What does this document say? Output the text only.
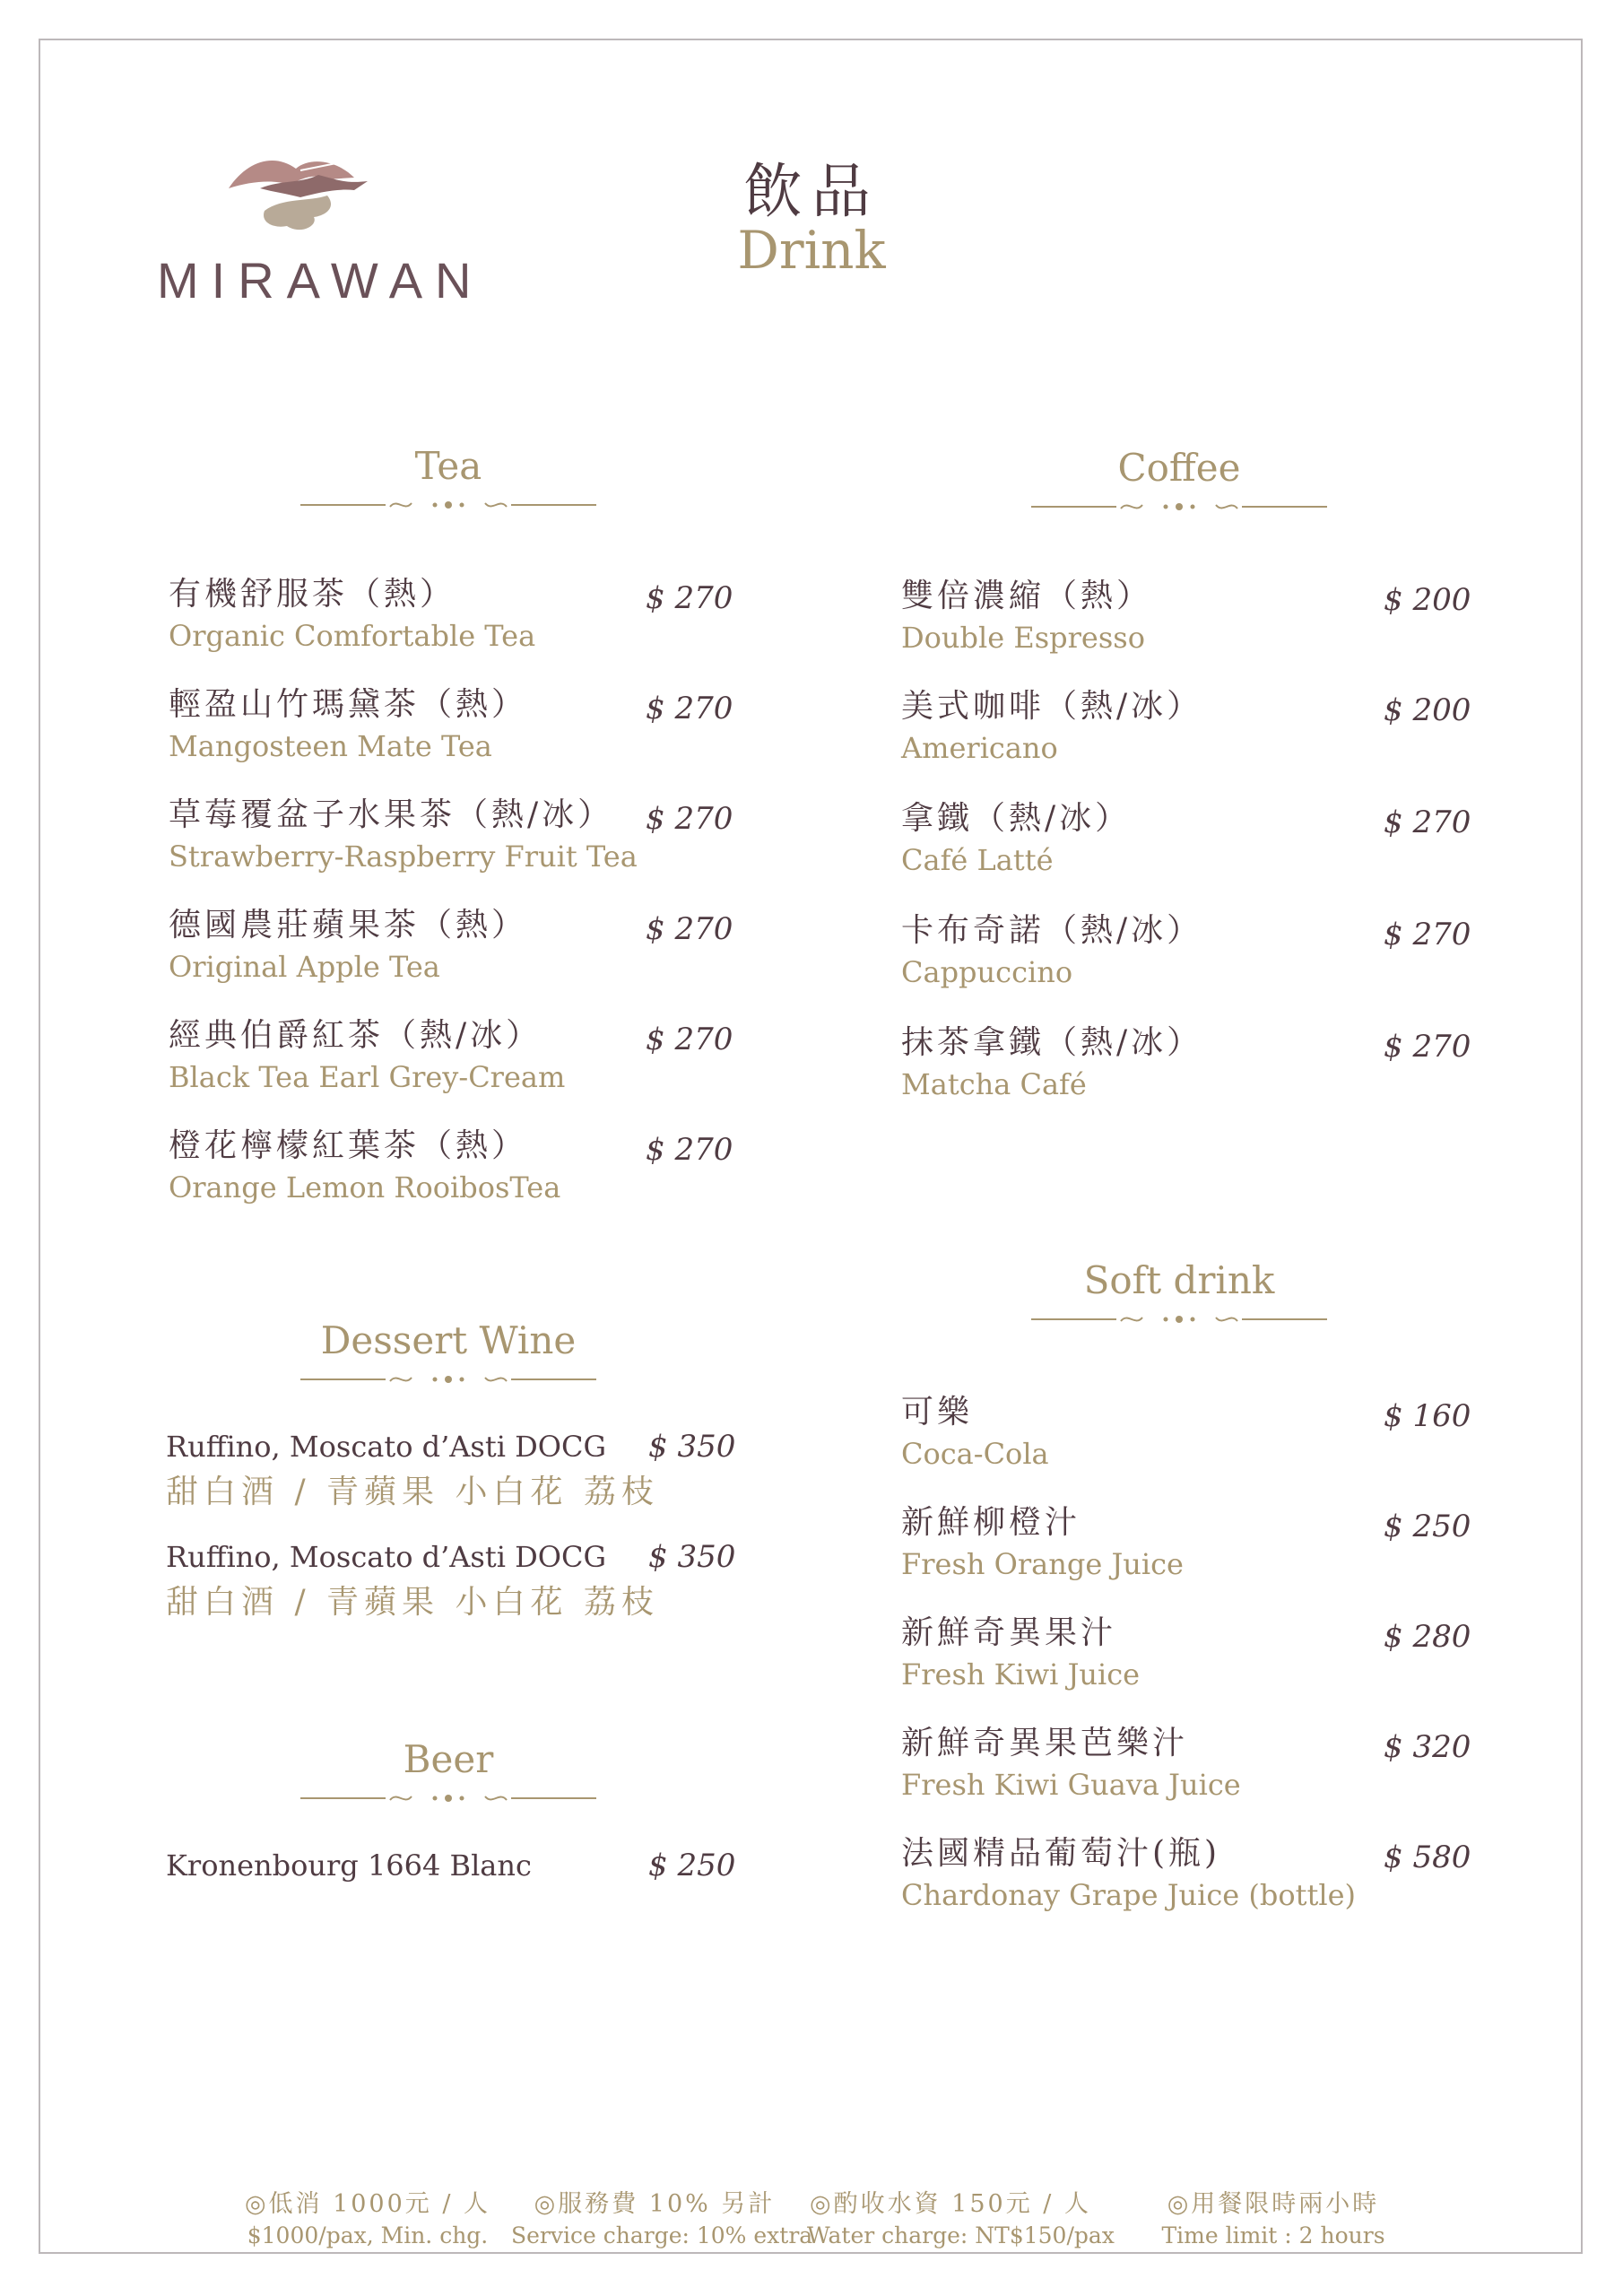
MIRAWAN
飲品
Drink
Tea
有機舒服茶（熱）
Organic Comfortable Tea
$ 270
輕盈山竹瑪黛茶（熱）
Mangosteen Mate Tea
$ 270
草莓覆盆子水果茶（熱/冰）
Strawberry-Raspberry Fruit Tea
$ 270
德國農莊蘋果茶（熱）
Original Apple Tea
$ 270
經典伯爵紅茶（熱/冰）
Black Tea Earl Grey-Cream
$ 270
橙花檸檬紅葉茶（熱）
Orange Lemon RooibosTea
$ 270
Coffee
雙倍濃縮（熱）
Double Espresso
$ 200
美式咖啡（熱/冰）
Americano
$ 200
拿鐵（熱/冰）
Café Latté
$ 270
卡布奇諾（熱/冰）
Cappuccino
$ 270
抹茶拿鐵（熱/冰）
Matcha Café
$ 270
Dessert Wine
Ruffino, Moscato d’Asti DOCG
甜白酒 / 青蘋果 小白花 荔枝
$ 350
Ruffino, Moscato d’Asti DOCG
甜白酒 / 青蘋果 小白花 荔枝
$ 350
Beer
Kronenbourg 1664 Blanc	$ 250
Soft drink
可樂
Coca-Cola
$ 160
新鮮柳橙汁
Fresh Orange Juice
$ 250
新鮮奇異果汁
Fresh Kiwi Juice
$ 280
新鮮奇異果芭樂汁
Fresh Kiwi Guava Juice
$ 320
法國精品葡萄汁(瓶)
Chardonay Grape Juice (bottle)
$ 580
◎低消 1000元 / 人
$1000/pax, Min. chg.
◎服務費 10% 另計
Service charge: 10% extra
◎酌收水資 150元 / 人
Water charge: NT$150/pax
◎用餐限時兩小時
Time limit : 2 hours
